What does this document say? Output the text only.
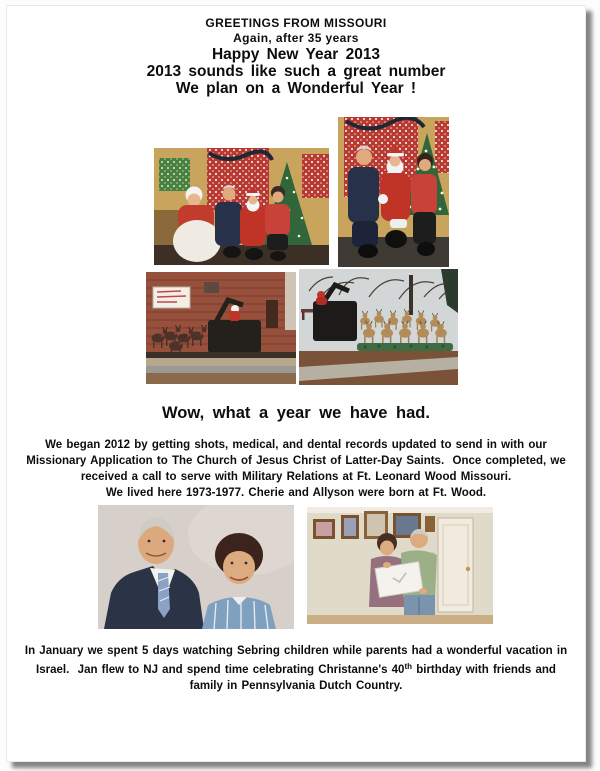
GREETINGS FROM MISSOURI
Again, after 35 years
Happy New Year 2013
2013 sounds like such a great number
We plan on a Wonderful Year !
Wow, what a year we have had.
We began 2012 by getting shots, medical, and dental records updated to send in with our
Missionary Application to The Church of Jesus Christ of Latter-Day Saints.  Once completed, we
received a call to serve with Military Relations at Ft. Leonard Wood Missouri.
We lived here 1973-1977. Cherie and Allyson were born at Ft. Wood.
In January we spent 5 days watching Sebring children while parents had a wonderful vacation in
Israel.  Jan flew to NJ and spend time celebrating Christanne's 40th birthday with friends and
family in Pennsylvania Dutch Country.
